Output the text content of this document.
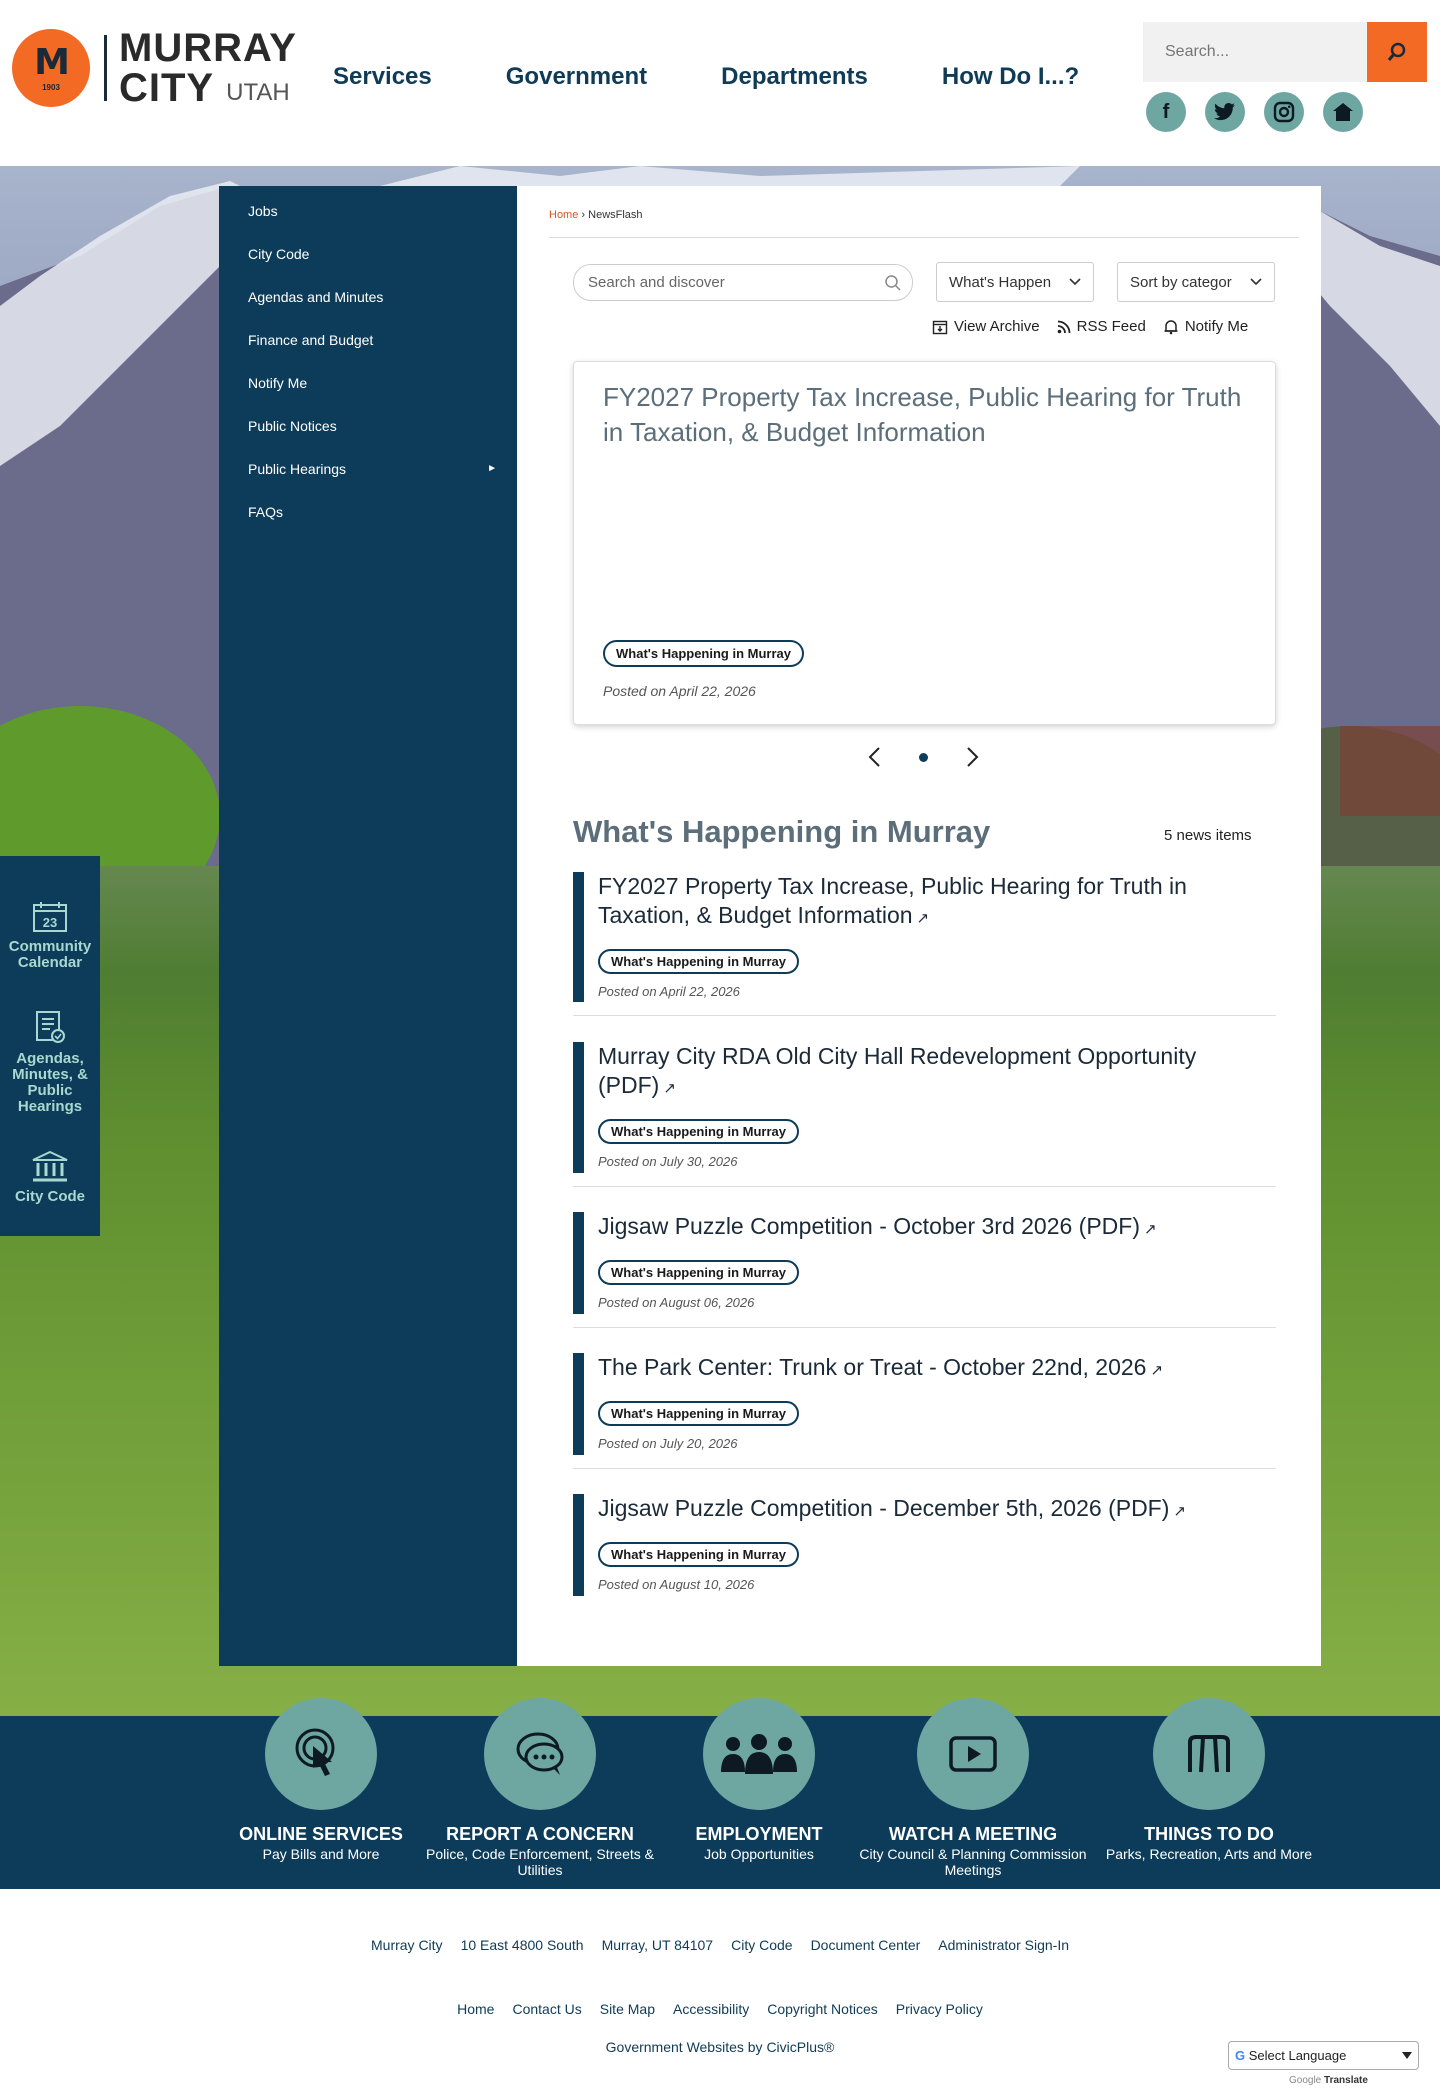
M
1903
MURRAY
CITY UTAH
Services	Government	Departments	How Do I...?
Search...
f
Jobs
City Code
Agendas and Minutes
Finance and Budget
Notify Me
Public Notices
Public Hearings	►
FAQs
Home › NewsFlash
Search and discover	What's Happen	Sort by categor
View Archive RSS Feed	Notify Me
FY2027 Property Tax Increase, Public Hearing for Truth in Taxation, & Budget Information
What's Happening in Murray
Posted on April 22, 2026
What's Happening in Murray	5 news items
FY2027 Property Tax Increase, Public Hearing for Truth in Taxation, & Budget Information ↗
What's Happening in Murray
Posted on April 22, 2026
Murray City RDA Old City Hall Redevelopment Opportunity (PDF) ↗
What's Happening in Murray
Posted on July 30, 2026
Jigsaw Puzzle Competition - October 3rd 2026 (PDF) ↗
What's Happening in Murray
Posted on August 06, 2026
The Park Center: Trunk or Treat - October 22nd, 2026 ↗
What's Happening in Murray
Posted on July 20, 2026
Jigsaw Puzzle Competition - December 5th, 2026 (PDF) ↗
What's Happening in Murray
Posted on August 10, 2026
23
Community Calendar
Agendas, Minutes, & Public Hearings
City Code
ONLINE SERVICES
Pay Bills and More
REPORT A CONCERN
Police, Code Enforcement, Streets & Utilities
EMPLOYMENT
Job Opportunities
WATCH A MEETING
City Council & Planning Commission Meetings
THINGS TO DO
Parks, Recreation, Arts and More
Murray City 10 East 4800 South Murray, UT 84107 City Code Document Center Administrator Sign-In
Home Contact Us Site Map Accessibility Copyright Notices Privacy Policy
Government Websites by CivicPlus®
G Select Language
Google Translate
